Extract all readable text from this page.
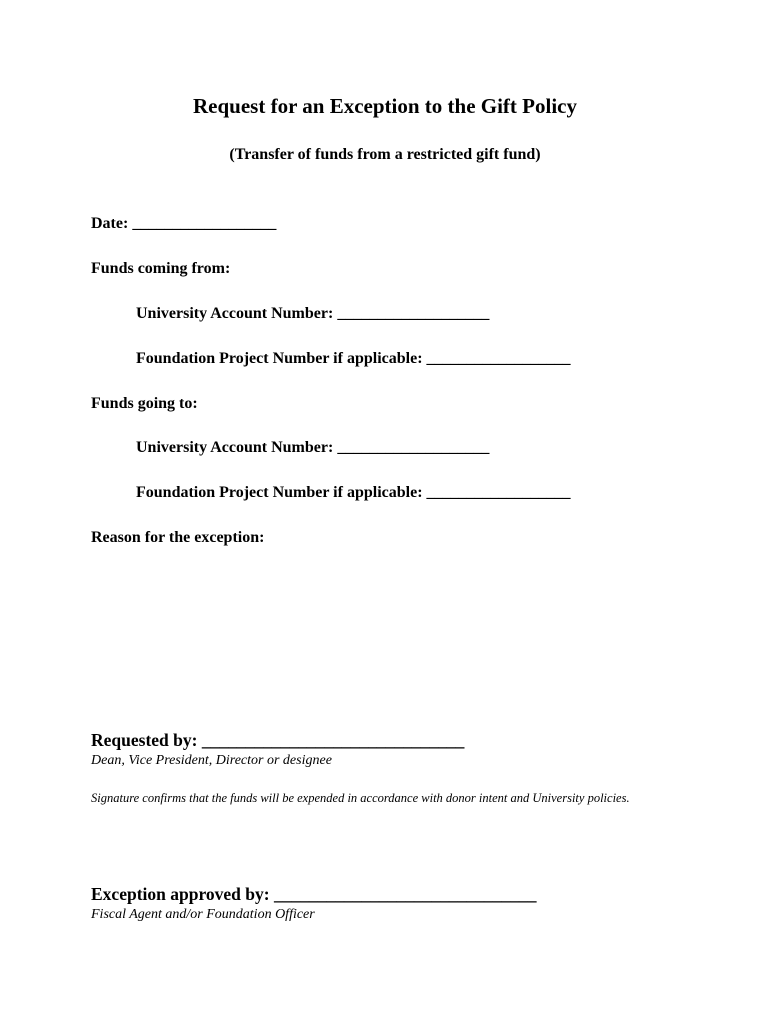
Request for an Exception to the Gift Policy
(Transfer of funds from a restricted gift fund)
Date: __________________
Funds coming from:
University Account Number: ___________________
Foundation Project Number if applicable: __________________
Funds going to:
University Account Number: ___________________
Foundation Project Number if applicable: __________________
Reason for the exception:
Requested by: ______________________________
Dean, Vice President, Director or designee
Signature confirms that the funds will be expended in accordance with donor intent and University policies.
Exception approved by: ______________________________
Fiscal Agent and/or Foundation Officer
